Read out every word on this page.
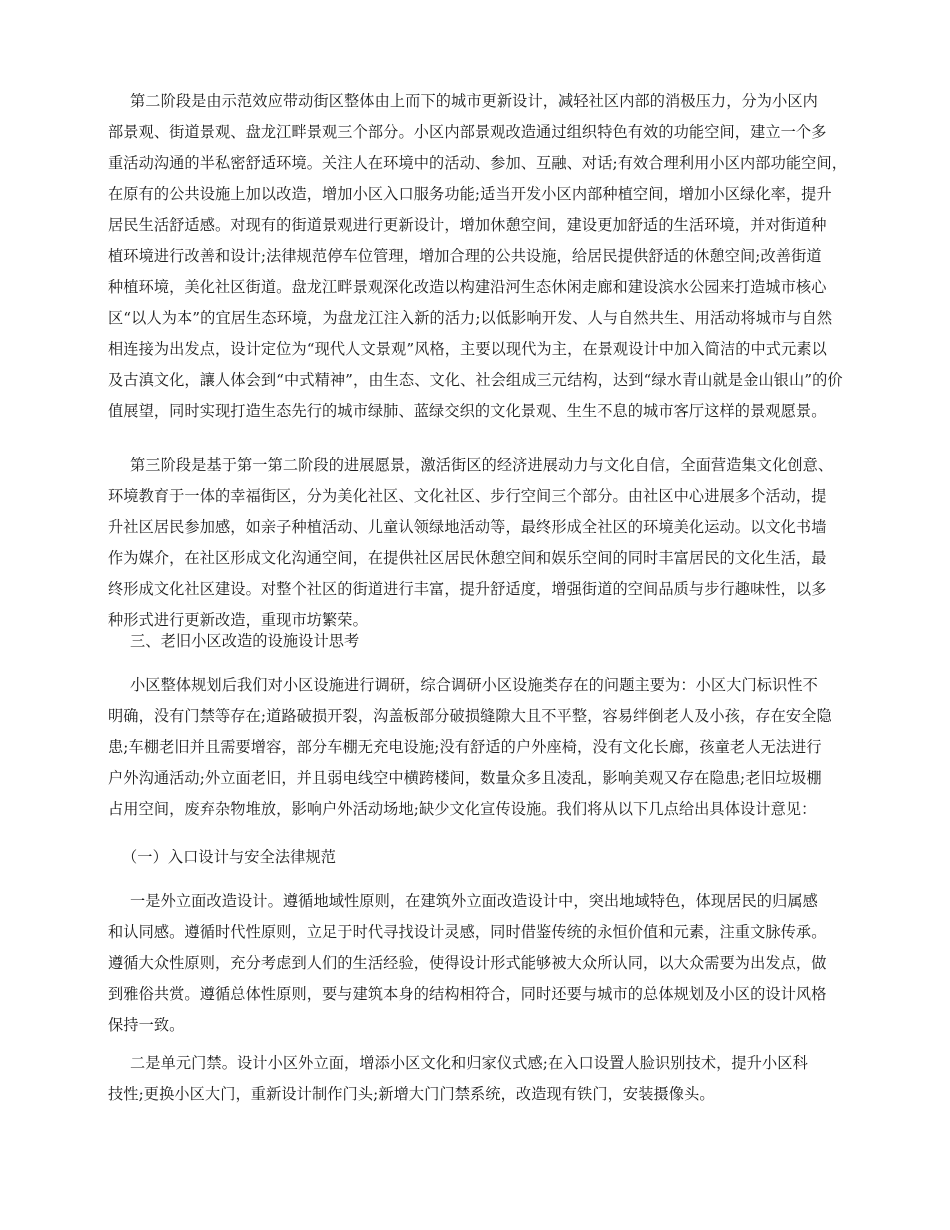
第二阶段是由示范效应带动街区整体由上而下的城市更新设计，减轻社区内部的消极压力，分为小区内
部景观、街道景观、盘龙江畔景观三个部分。小区内部景观改造通过组织特色有效的功能空间，建立一个多
重活动沟通的半私密舒适环境。关注人在环境中的活动、参加、互融、对话;有效合理利用小区内部功能空间，
在原有的公共设施上加以改造，增加小区入口服务功能;适当开发小区内部种植空间，增加小区绿化率，提升
居民生活舒适感。对现有的街道景观进行更新设计，增加休憩空间，建设更加舒适的生活环境，并对街道种
植环境进行改善和设计;法律规范停车位管理，增加合理的公共设施，给居民提供舒适的休憩空间;改善街道
种植环境，美化社区街道。盘龙江畔景观深化改造以构建沿河生态休闲走廊和建设滨水公园来打造城市核心
区“以人为本”的宜居生态环境，为盘龙江注入新的活力;以低影响开发、人与自然共生、用活动将城市与自然
相连接为出发点，设计定位为“现代人文景观”风格，主要以现代为主，在景观设计中加入简洁的中式元素以
及古滇文化，讓人体会到“中式精神”，由生态、文化、社会组成三元结构，达到“绿水青山就是金山银山”的价
值展望，同时实现打造生态先行的城市绿肺、蓝绿交织的文化景观、生生不息的城市客厅这样的景观愿景。
第三阶段是基于第一第二阶段的进展愿景，激活街区的经济进展动力与文化自信，全面营造集文化创意、
环境教育于一体的幸福街区，分为美化社区、文化社区、步行空间三个部分。由社区中心进展多个活动，提
升社区居民参加感，如亲子种植活动、儿童认领绿地活动等，最终形成全社区的环境美化运动。以文化书墙
作为媒介，在社区形成文化沟通空间，在提供社区居民休憩空间和娱乐空间的同时丰富居民的文化生活，最
终形成文化社区建设。对整个社区的街道进行丰富，提升舒适度，增强街道的空间品质与步行趣味性，以多
种形式进行更新改造，重现市坊繁荣。
三、老旧小区改造的设施设计思考
小区整体规划后我们对小区设施进行调研，综合调研小区设施类存在的问题主要为：小区大门标识性不
明确，没有门禁等存在;道路破损开裂，沟盖板部分破损缝隙大且不平整，容易绊倒老人及小孩，存在安全隐
患;车棚老旧并且需要增容，部分车棚无充电设施;没有舒适的户外座椅，没有文化长廊，孩童老人无法进行
户外沟通活动;外立面老旧，并且弱电线空中横跨楼间，数量众多且凌乱，影响美观又存在隐患;老旧垃圾棚
占用空间，废弃杂物堆放，影响户外活动场地;缺少文化宣传设施。我们将从以下几点给出具体设计意见：
（一）入口设计与安全法律规范
一是外立面改造设计。遵循地域性原则，在建筑外立面改造设计中，突出地域特色，体现居民的归属感
和认同感。遵循时代性原则，立足于时代寻找设计灵感，同时借鉴传统的永恒价值和元素，注重文脉传承。
遵循大众性原则，充分考虑到人们的生活经验，使得设计形式能够被大众所认同，以大众需要为出发点，做
到雅俗共赏。遵循总体性原则，要与建筑本身的结构相符合，同时还要与城市的总体规划及小区的设计风格
保持一致。
二是单元门禁。设计小区外立面，增添小区文化和归家仪式感;在入口设置人脸识别技术，提升小区科
技性;更换小区大门，重新设计制作门头;新增大门门禁系统，改造现有铁门，安装摄像头。
